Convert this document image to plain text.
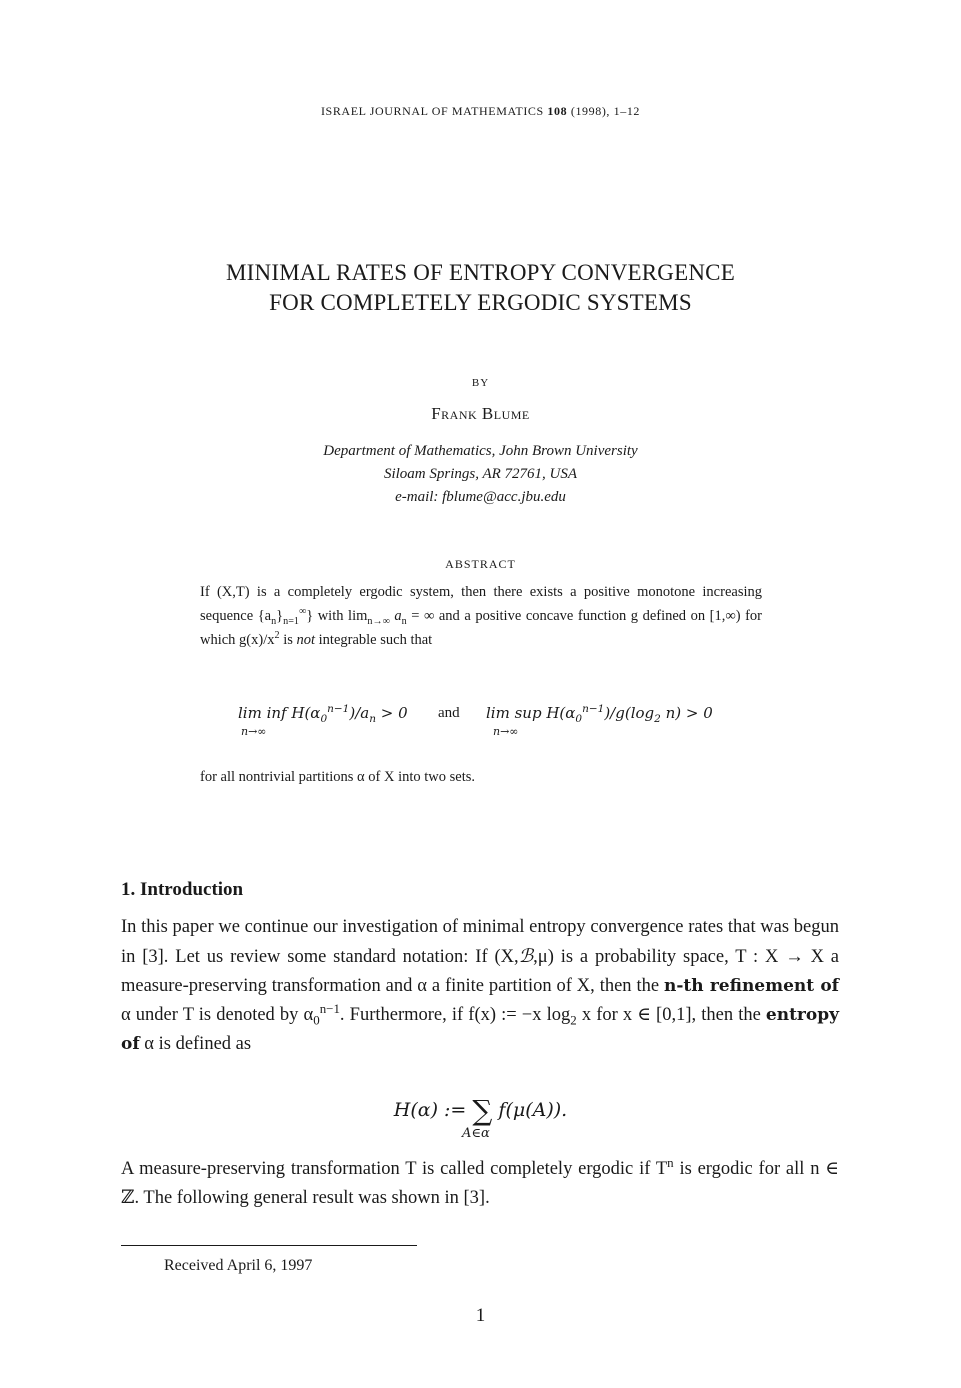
ISRAEL JOURNAL OF MATHEMATICS 108 (1998), 1–12
MINIMAL RATES OF ENTROPY CONVERGENCE
FOR COMPLETELY ERGODIC SYSTEMS
BY
Frank Blume
Department of Mathematics, John Brown University
Siloam Springs, AR 72761, USA
e-mail: fblume@acc.jbu.edu
ABSTRACT
If (X,T) is a completely ergodic system, then there exists a positive monotone increasing sequence $\{a_n\}_{n=1}^\infty$} with $\lim_{n\to\infty} a_n$ = ∞ and a positive concave function g defined on [1,∞) for which $g(x)/x^2$ is not integrable such that
lim inf $H(\alpha_0^{n-1})/a_n > 0$
n→∞
and lim sup $H(\alpha_0^{n-1})/g(\log_2$ n) > 0
n→∞
for all nontrivial partitions α of X into two sets.
1. Introduction
In this paper we continue our investigation of minimal entropy convergence rates that was begun in [3]. Let us review some standard notation: If (X,ℬ,μ) is a probability space, T : X → X a measure-preserving transformation and α a finite partition of X, then the n-th refinement of α under T is denoted by $\alpha_0^{n-1}$. Furthermore, if f(x) := −x $\log_2 x$ for x ∈ [0,1], then the entropy of α is defined as
H(α) := ∑ f(μ(A)).
A∈α
A measure-preserving transformation T is called completely ergodic if $T^n$ is ergodic for all n ∈ ℤ. The following general result was shown in [3].
Received April 6, 1997
1
